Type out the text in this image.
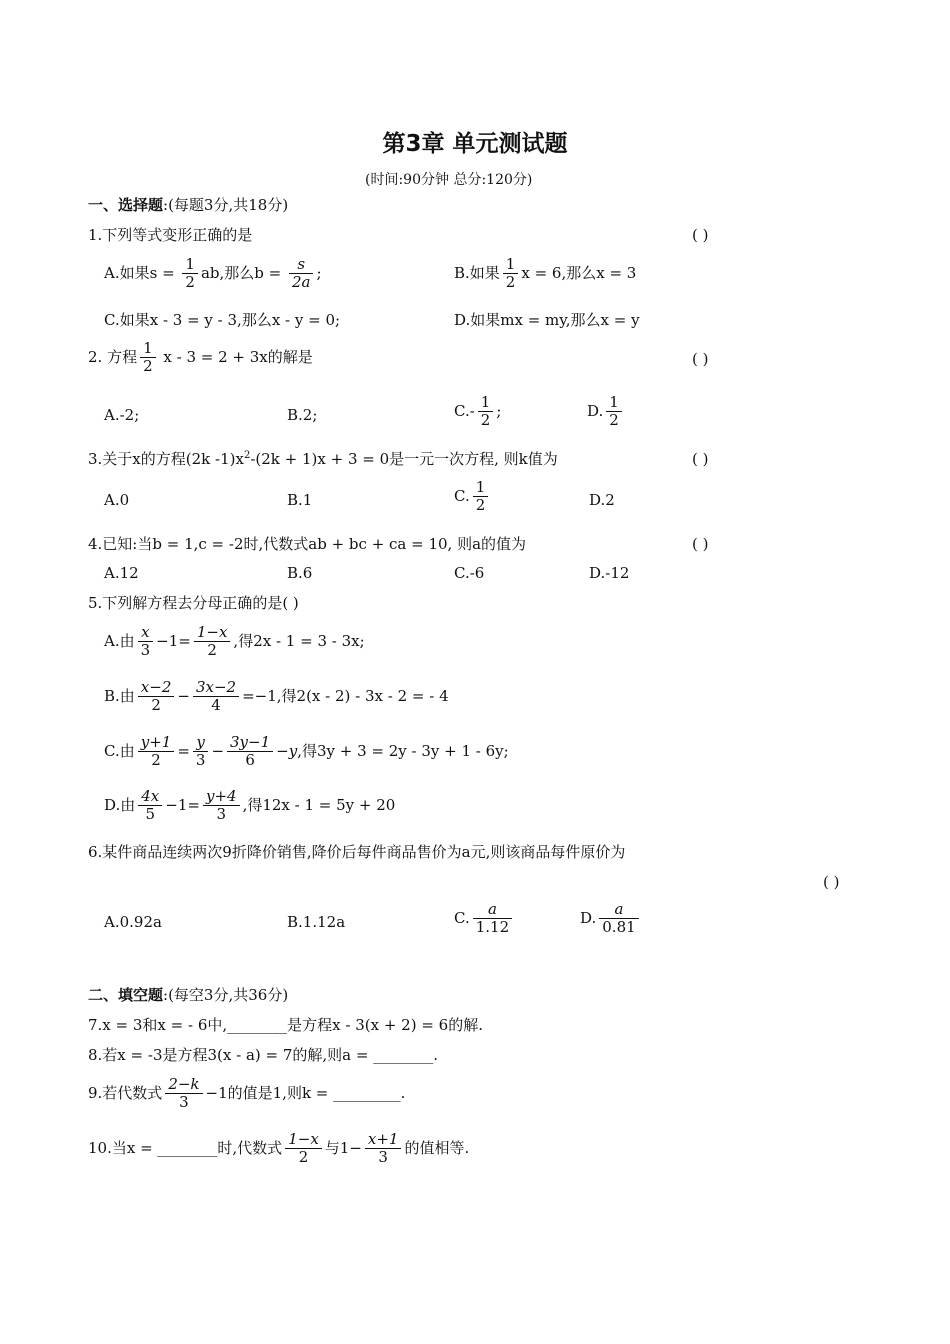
第3章 单元测试题
(时间:90分钟 总分:120分)
一、选择题:(每题3分,共18分)
1.下列等式变形正确的是	( )
A.如果$s = \frac{1}{2}$ ab,那么$b = \frac{s}{2a}$ ;	B.如果 $\frac{1}{2}$ x = 6,那么x = 3
C.如果x - 3 = y - 3,那么x - y = 0;	D.如果mx = my,那么x = y
2. 方程 $\frac{1}{2}$ x - 3 = 2 + 3x的解是	( )
A.-2;	B.2;	$C.- \frac{1}{2}$ ;	D. $\frac{1}{2}$
3.关于x的方程(2k $-1)x^2-(2k + 1)x + 3 = 0$是一元一次方程, 则k值为	( )
A.0	B.1	C. $\frac{1}{2}$	D.2
4.已知:当b = 1,c = -2时,代数式ab + bc + ca = 10, 则a的值为	( )
A.12	B.6	C.-6	D.-12
5.下列解方程去分母正确的是( )
A.由 $\frac{x}{3} -1= \frac{1-x}{2}$ ,得2x - 1 = 3 - 3x;
B.由 $\frac{x-2}{2} - \frac{3x-2}{4} =-1$,得2(x - 2) - 3x - 2 = - 4
C.由 $\frac{y+1}{2} = \frac{y}{3} - \frac{3y-1}{6} -y$,得3y + 3 = 2y - 3y + 1 - 6y;
D.由 $\frac{4x}{5} -1= \frac{y+4}{3}$ ,得12x - 1 = 5y + 20
6.某件商品连续两次9折降价销售,降价后每件商品售价为a元,则该商品每件原价为
( )
A.0.92a	B.1.12a	C. $\frac{a}{1.12}$	D. $\frac{a}{0.81}$
二、填空题:(每空3分,共36分)
7.x = 3和x = - 6中,________是方程x - 3(x + 2) = 6的解.
8.若x = -3是方程3(x - a) = 7的解,则a = ________.
9.若代数式 $\frac{2-k}{3} -1$的值是1,则k = _________.
10.当x = ________时,代数式 $\frac{1-x}{2}$ 与$1- \frac{x+1}{3}$ 的值相等.
